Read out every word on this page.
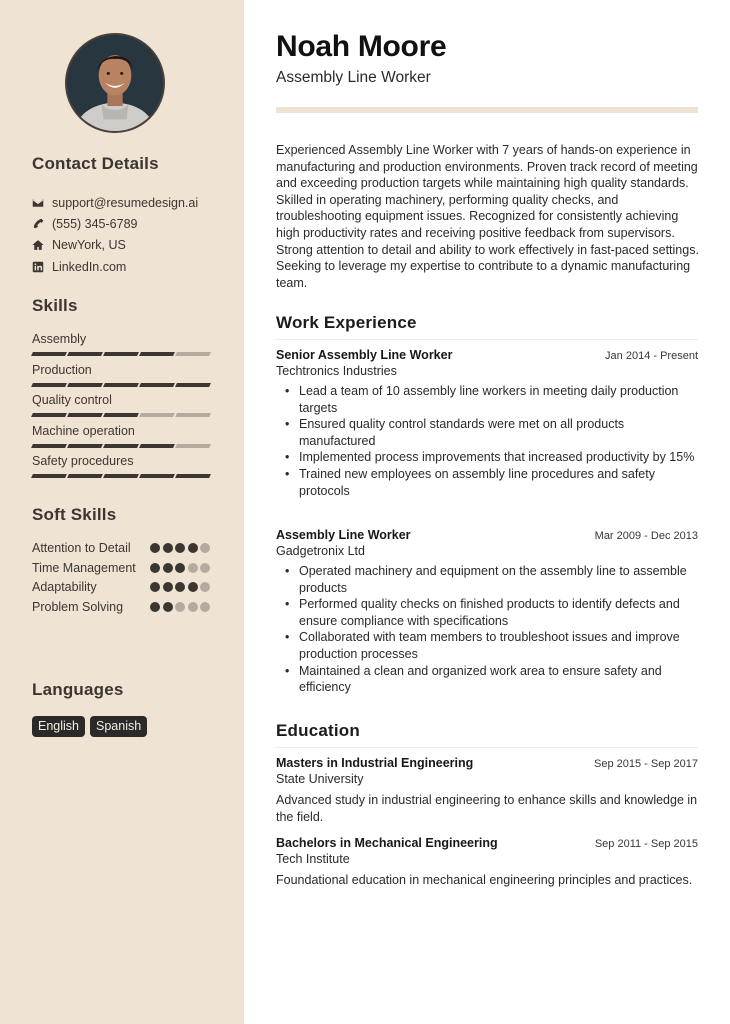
Contact Details
support@resumedesign.ai
(555) 345-6789
NewYork, US
LinkedIn.com
Skills
Assembly
Production
Quality control
Machine operation
Safety procedures
Soft Skills
Attention to Detail
Time Management
Adaptability
Problem Solving
Languages
English	Spanish
Noah Moore
Assembly Line Worker

Experienced Assembly Line Worker with 7 years of hands-on experience in manufacturing and production environments. Proven track record of meeting and exceeding production targets while maintaining high quality standards. Skilled in operating machinery, performing quality checks, and troubleshooting equipment issues. Recognized for consistently achieving high productivity rates and receiving positive feedback from supervisors. Strong attention to detail and ability to work effectively in fast-paced settings. Seeking to leverage my expertise to contribute to a dynamic manufacturing team.

Work Experience
Senior Assembly Line Worker	Jan 2014 - Present
Techtronics Industries
• Lead a team of 10 assembly line workers in meeting daily production targets
• Ensured quality control standards were met on all products manufactured
• Implemented process improvements that increased productivity by 15%
• Trained new employees on assembly line procedures and safety protocols
Assembly Line Worker	Mar 2009 - Dec 2013
Gadgetronix Ltd
• Operated machinery and equipment on the assembly line to assemble products
• Performed quality checks on finished products to identify defects and ensure compliance with specifications
• Collaborated with team members to troubleshoot issues and improve production processes
• Maintained a clean and organized work area to ensure safety and efficiency
Education
Masters in Industrial Engineering	Sep 2015 - Sep 2017
State University

Advanced study in industrial engineering to enhance skills and knowledge in the field.

Bachelors in Mechanical Engineering	Sep 2011 - Sep 2015
Tech Institute

Foundational education in mechanical engineering principles and practices.
